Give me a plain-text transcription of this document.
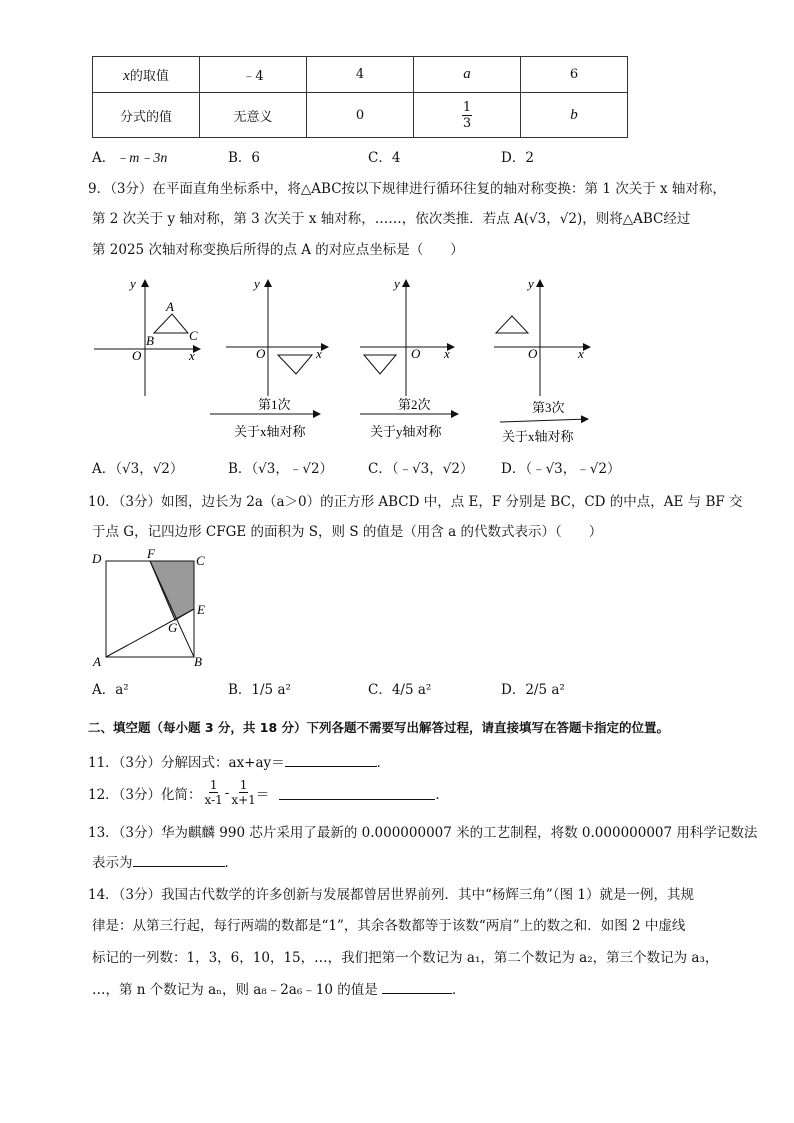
x的取值	﹣4	4	a	6
分式的值	无意义	0	$\frac{1}{3}$	b
A．﹣m﹣3n	B．6	C．4	D．2
9．（3分）在平面直角坐标系中，将△ABC按以下规律进行循环往复的轴对称变换：第 1 次关于 x 轴对称，
第 2 次关于 y 轴对称，第 3 次关于 x 轴对称，……，依次类推．若点 A(√3，√2)，则将△ABC经过
第 2025 次轴对称变换后所得的点 A 的对应点坐标是（　　）
y
x
O
A
B	C
y
x
O
第1次
关于x轴对称
y
x
O
第2次
关于y轴对称
y
x
O
第3次
关于x轴对称
A．（√3，√2）	B．（√3，﹣√2）	C．（﹣√3，√2） D．（﹣√3，﹣√2）
10．（3分）如图，边长为 2a（a＞0）的正方形 ABCD 中，点 E，F 分别是 BC，CD 的中点，AE 与 BF 交
于点 G，记四边形 CFGE 的面积为 S，则 S 的值是（用含 a 的代数式表示）（　　）
D	F	C
E
G
A	B
A．a²	B．1/5 a²	C．4/5 a²	D．2/5 a²
二、填空题（每小题 3 分，共 18 分）下列各题不需要写出解答过程，请直接填写在答题卡指定的位置。
11．（3分）分解因式：ax+ay＝	．
12．（3分）化简： $\frac{1}{x-1} - \frac{1}{x+1}$ ＝	．
13．（3分）华为麒麟 990 芯片采用了最新的 0.000000007 米的工艺制程，将数 0.000000007 用科学记数法
表示为	．
14．（3分）我国古代数学的许多创新与发展都曾居世界前列．其中“杨辉三角”（图 1）就是一例，其规
律是：从第三行起，每行两端的数都是“1”，其余各数都等于该数“两肩”上的数之和．如图 2 中虚线
标记的一列数：1，3，6，10，15，…，我们把第一个数记为 a₁，第二个数记为 a₂，第三个数记为 a₃，
…，第 n 个数记为 aₙ，则 a₈﹣2a₆﹣10 的值是	．
